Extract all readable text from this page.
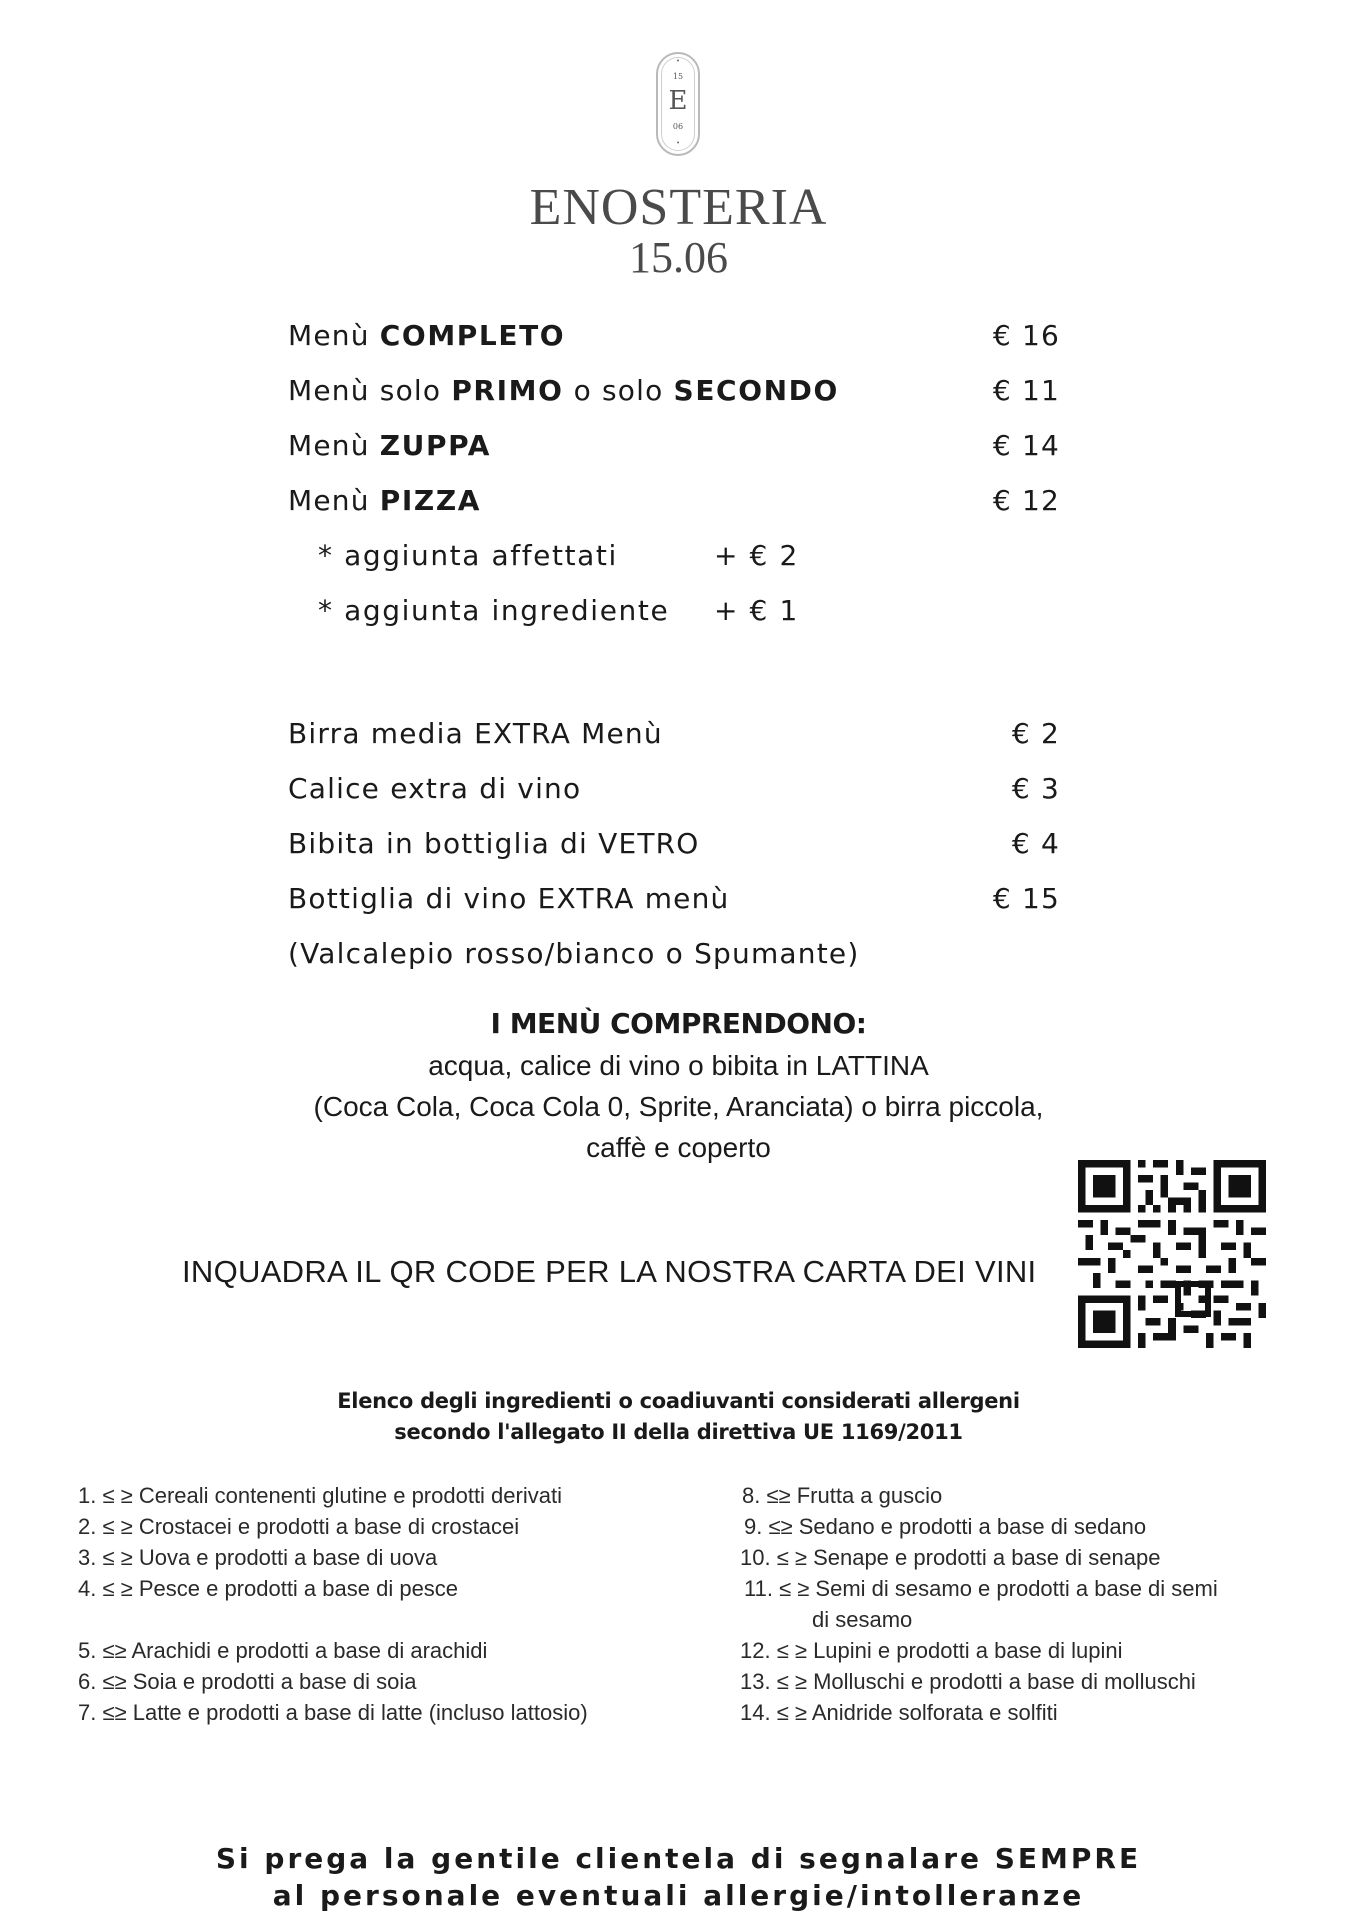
•
15
E
06
•
ENOSTERIA
15.06
Menù COMPLETO	€ 16
Menù solo PRIMO o solo SECONDO	€ 11
Menù ZUPPA	€ 14
Menù PIZZA	€ 12
* aggiunta affettati	+ € 2
* aggiunta ingrediente + € 1
Birra media EXTRA Menù	€ 2
Calice extra di vino	€ 3
Bibita in bottiglia di VETRO	€ 4
Bottiglia di vino EXTRA menù	€ 15
(Valcalepio rosso/bianco o Spumante)
I MENÙ COMPRENDONO:
acqua, calice di vino o bibita in LATTINA
(Coca Cola, Coca Cola 0, Sprite, Aranciata) o birra piccola,
caffè e coperto
INQUADRA IL QR CODE PER LA NOSTRA CARTA DEI VINI
Elenco degli ingredienti o coadiuvanti considerati allergeni
secondo l'allegato II della direttiva UE 1169/2011
1. ≤ ≥ Cereali contenenti glutine e prodotti derivati
2. ≤ ≥ Crostacei e prodotti a base di crostacei
3. ≤ ≥ Uova e prodotti a base di uova
4. ≤ ≥ Pesce e prodotti a base di pesce
5. ≤≥ Arachidi e prodotti a base di arachidi
6. ≤≥ Soia e prodotti a base di soia
7. ≤≥ Latte e prodotti a base di latte (incluso lattosio)
8. ≤≥ Frutta a guscio
9. ≤≥ Sedano e prodotti a base di sedano
10. ≤ ≥ Senape e prodotti a base di senape
11. ≤ ≥ Semi di sesamo e prodotti a base di semi
di sesamo
12. ≤ ≥ Lupini e prodotti a base di lupini
13. ≤ ≥ Molluschi e prodotti a base di molluschi
14. ≤ ≥ Anidride solforata e solfiti
Si prega la gentile clientela di segnalare SEMPRE
al personale eventuali allergie/intolleranze
